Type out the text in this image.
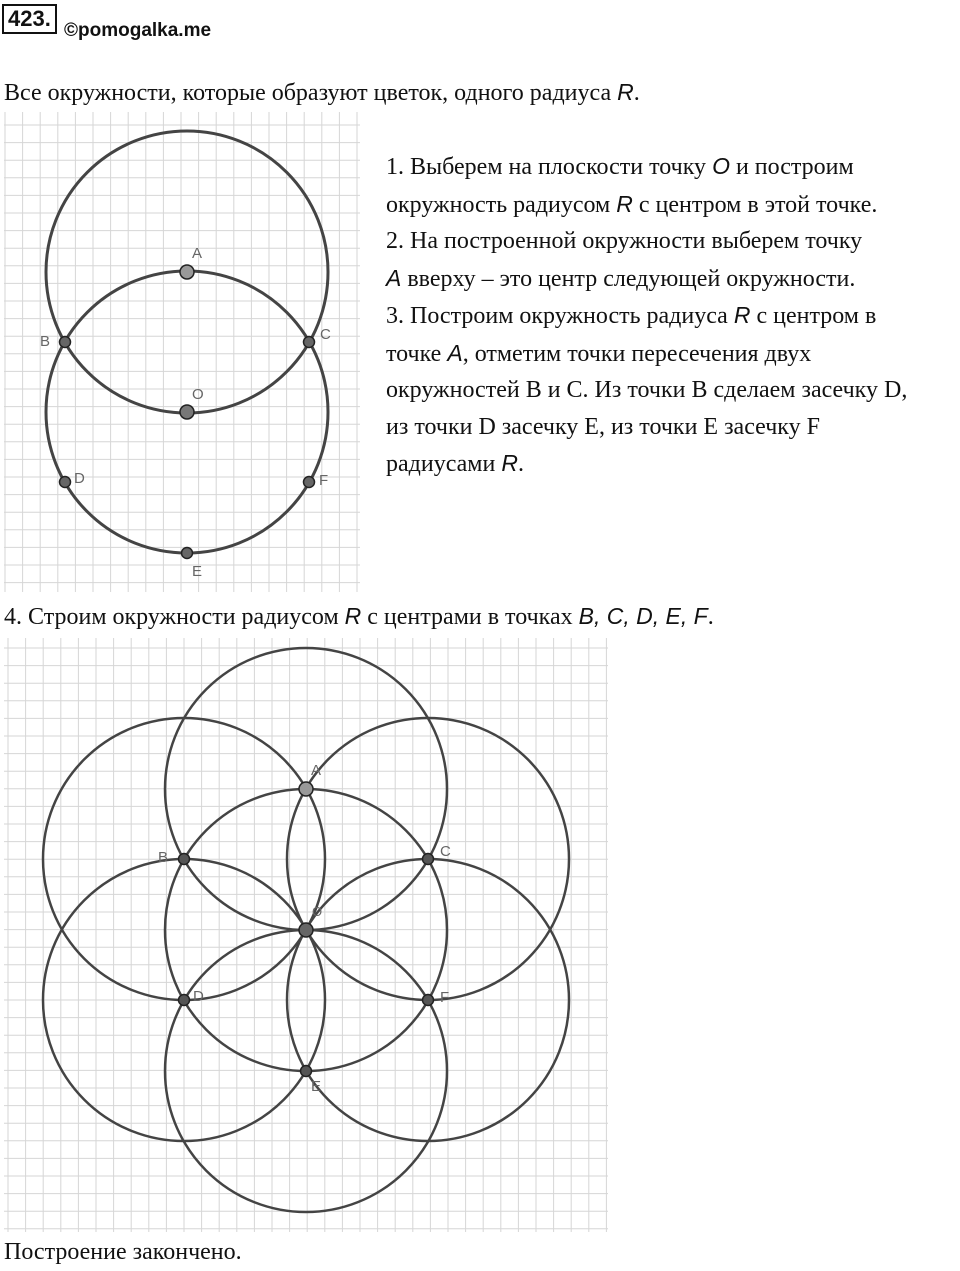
423. ©pomogalka.me
Все окружности, которые образуют цветок, одного радиуса R.
A
O
B	C
D	F
E
1. Выберем на плоскости точку O и построим
окружность радиусом R с центром в этой точке.
2. На построенной окружности выберем точку
A вверху – это центр следующей окружности.
3. Построим окружность радиуса R с центром в
точке A, отметим точки пересечения двух
окружностей B и C. Из точки B сделаем засечку D,
из точки D засечку E, из точки E засечку F
радиусами R.
4. Строим окружности радиусом R с центрами в точках B, C, D, E, F.
A
O
B	C
D	F
E
Построение закончено.
